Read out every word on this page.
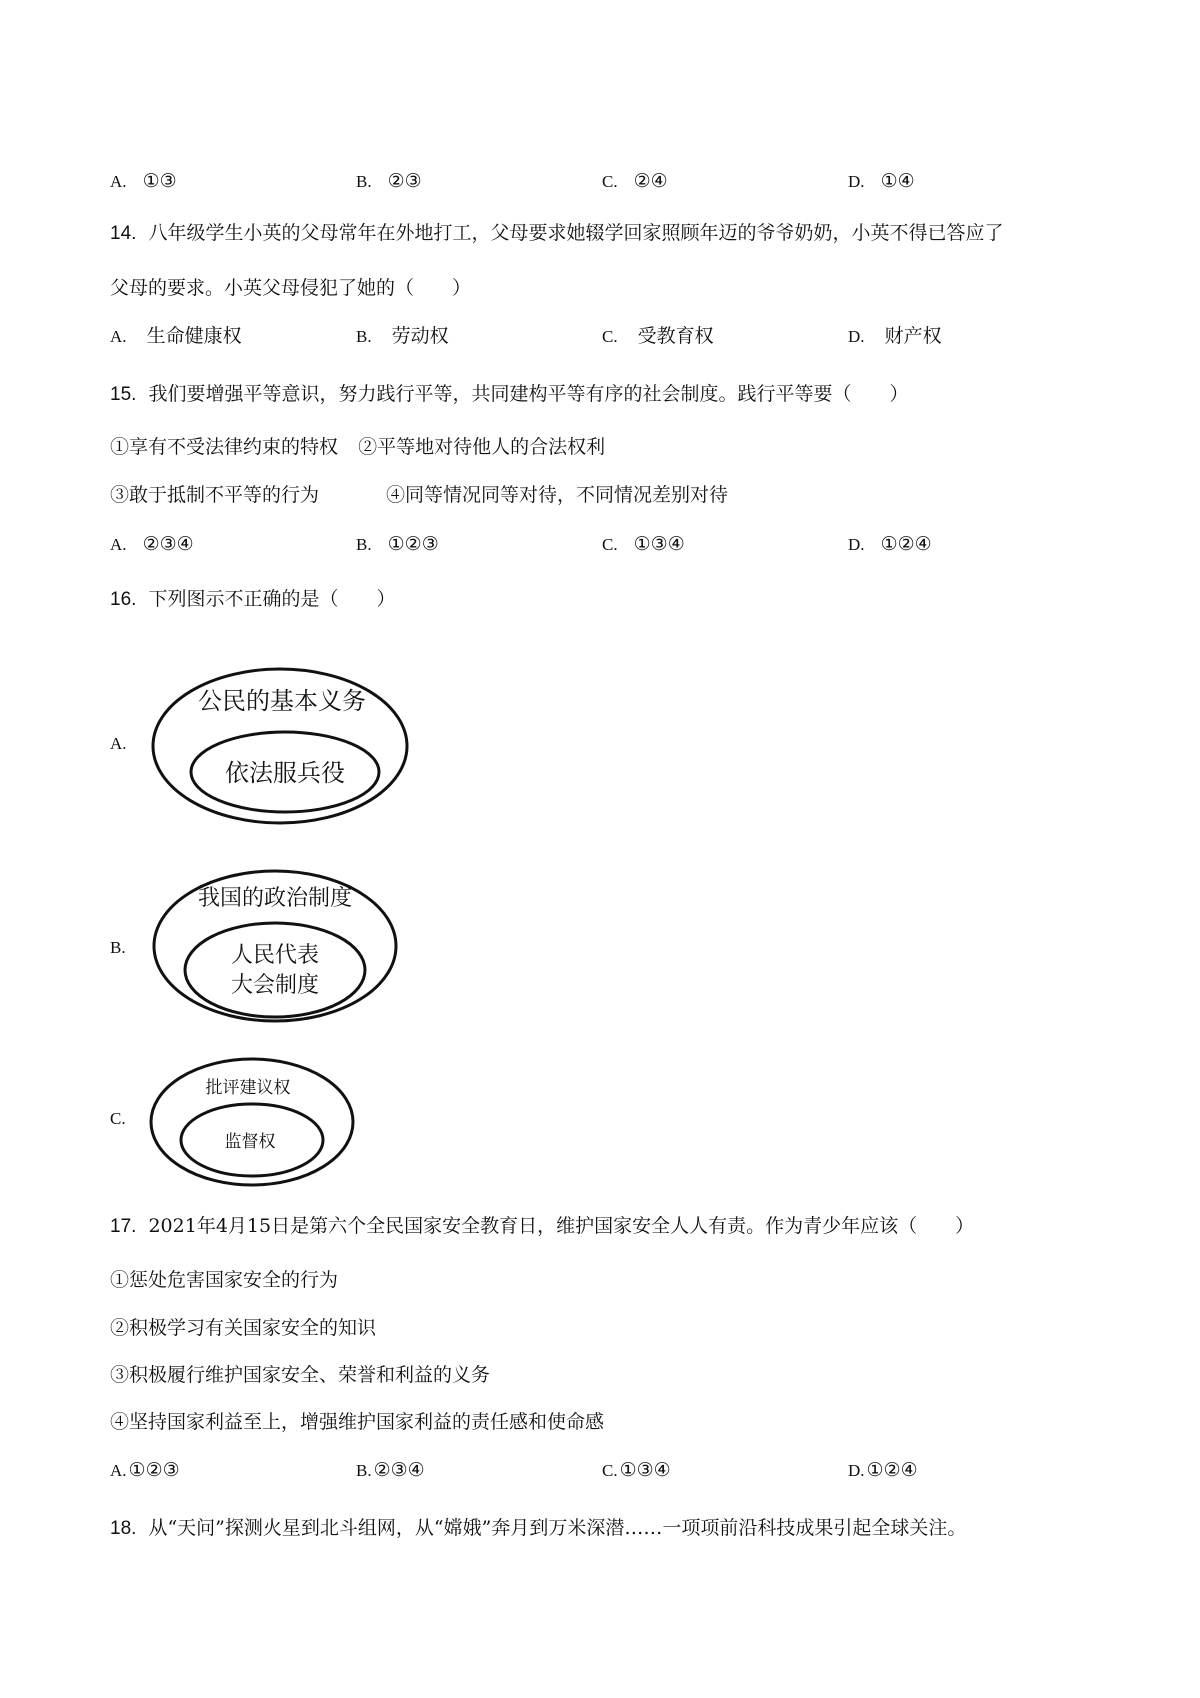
A. ①③	B. ②③	C. ②④	D. ①④
14. 八年级学生小英的父母常年在外地打工，父母要求她辍学回家照顾年迈的爷爷奶奶，小英不得已答应了
父母的要求。小英父母侵犯了她的（　　）
A. 生命健康权	B. 劳动权	C. 受教育权	D. 财产权
15. 我们要增强平等意识，努力践行平等，共同建构平等有序的社会制度。践行平等要（　　）
①享有不受法律约束的特权 ②平等地对待他人的合法权利
③敢于抵制不平等的行为	④同等情况同等对待，不同情况差别对待
A. ②③④	B. ①②③	C. ①③④	D. ①②④
16. 下列图示不正确的是（　　）
A.
公民的基本义务
依法服兵役
B.
我国的政治制度
人民代表
大会制度
C.
批评建议权
监督权
17. 2021年4月15日是第六个全民国家安全教育日，维护国家安全人人有责。作为青少年应该（　　）
①惩处危害国家安全的行为
②积极学习有关国家安全的知识
③积极履行维护国家安全、荣誉和利益的义务
④坚持国家利益至上，增强维护国家利益的责任感和使命感
A. ①②③	B. ②③④	C. ①③④	D. ①②④
18. 从“天问”探测火星到北斗组网，从“嫦娥”奔月到万米深潜……一项项前沿科技成果引起全球关注。
